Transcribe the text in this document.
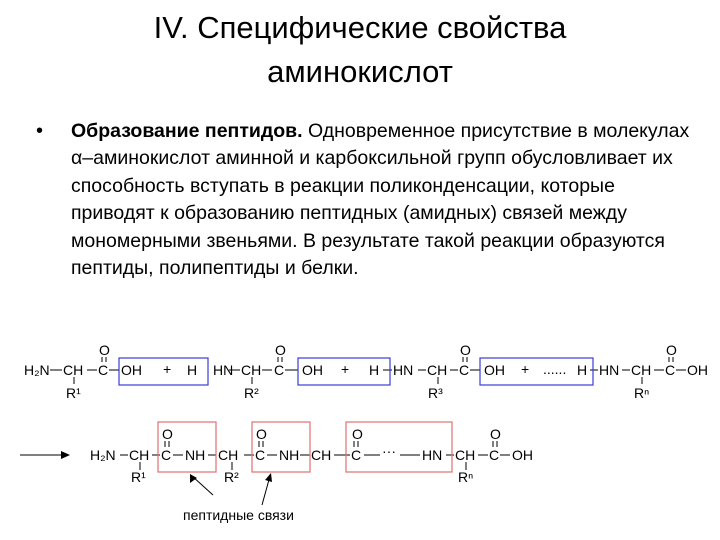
IV. Специфические свойства
аминокислот
• Образование пептидов. Одновременное присутствие в молекулах α–аминокислот аминной и карбоксильной групп обусловливает их способность вступать в реакции поликонденсации, которые приводят к образованию пептидных (амидных) связей между мономерными звеньями. В результате такой реакции образуются пептиды, полипептиды и белки.
H₂N CH C
O
OH + H
R¹
HN CH C
O
OH + H
R²
HN CH C
O
OH + ...... H
R³
HN CH C
O
OH
Rⁿ
H₂N CH C
O
NH
R¹
CH C
O
NH
R²
CH C
O
··· HN CH C
O
OH
Rⁿ
пептидные связи
